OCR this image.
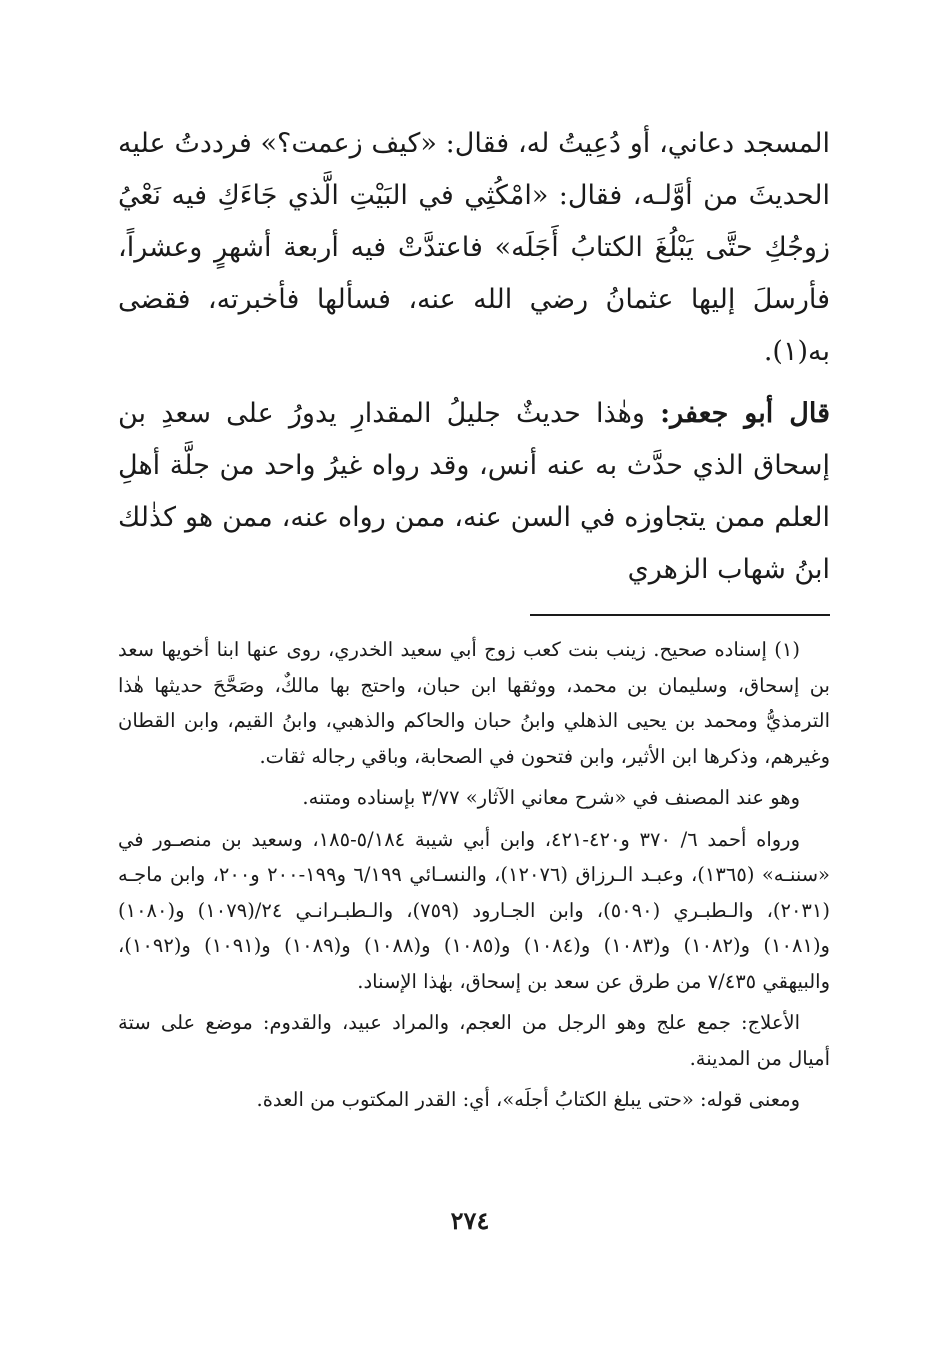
المسجد دعاني، أو دُعِيتُ له، فقال: «كيف زعمت؟» فرددتُ عليه الحديثَ من أوَّلـه، فقال: «امْكُثِي في البَيْتِ الَّذي جَاءَكِ فيه نَعْيُ زوجُكِ حتَّى يَبْلُغَ الكتابُ أَجَلَه» فاعتدَّتْ فيه أربعة أشهرٍ وعشراً، فأرسلَ إليها عثمانُ رضي الله عنه، فسألها فأخبرته، فقضى به(١).

قال أبو جعفر: وهٰذا حديثٌ جليلُ المقدارِ يدورُ على سعدِ بن إسحاق الذي حدَّث به عنه أنس، وقد رواه غيرُ واحد من جلَّة أهلِ العلم ممن يتجاوزه في السن عنه، ممن رواه عنه، ممن هو كذٰلك ابنُ شهاب الزهري

(١) إسناده صحيح. زينب بنت كعب زوج أبي سعيد الخدري، روى عنها ابنا أخويها سعد بن إسحاق، وسليمان بن محمد، ووثقها ابن حبان، واحتج بها مالكٌ، وصَحَّحَ حديثها هٰذا الترمذيُّ ومحمد بن يحيى الذهلي وابنُ حبان والحاكم والذهبي، وابنُ القيم، وابن القطان وغيرهم، وذكرها ابن الأثير، وابن فتحون في الصحابة، وباقي رجاله ثقات.

وهو عند المصنف في «شرح معاني الآثار» ٣/٧٧ بإسناده ومتنه.

ورواه أحمد ٦/ ٣٧٠ و٤٢٠-٤٢١، وابن أبي شيبة ٥/١٨٤-١٨٥، وسعيد بن منصـور في «سننـه» (١٣٦٥)، وعبـد الـرزاق (١٢٠٧٦)، والنسـائي ٦/١٩٩ و١٩٩-٢٠٠ و٢٠٠، وابن ماجـه (٢٠٣١)، والـطبـري (٥٠٩٠)، وابن الجـارود (٧٥٩)، والـطبـرانـي ٢٤/(١٠٧٩) و(١٠٨٠) و(١٠٨١) و(١٠٨٢) و(١٠٨٣) و(١٠٨٤) و(١٠٨٥) و(١٠٨٨) و(١٠٨٩) و(١٠٩١) و(١٠٩٢)، والبيهقي ٧/٤٣٥ من طرق عن سعد بن إسحاق، بهٰذا الإسناد.

الأعلاج: جمع علج وهو الرجل من العجم، والمراد عبيد، والقدوم: موضع على ستة أميال من المدينة.

ومعنى قوله: «حتى يبلغ الكتابُ أجلَه»، أي: القدر المكتوب من العدة.

٢٧٤
